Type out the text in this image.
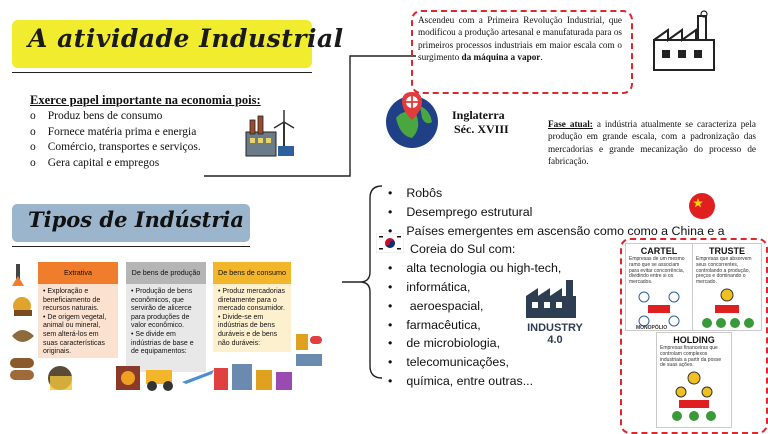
A atividade Industrial
Exerce papel importante na economia pois:
o Produz bens de consumo
o Fornece matéria prima e energia
o Comércio, transportes e serviços.
o Gera capital e empregos
Ascendeu com a Primeira Revolução Industrial, que modificou a produção artesanal e manufaturada para os primeiros processos industriais em maior escala com o surgimento da máquina a vapor.
Inglaterra
Séc. XVIII	Fase atual: a indústria atualmente se caracteriza pela produção em grande escala, com a padronização das mercadorias e grande mecanização do processo de fabricação.
• Robôs
• Desemprego estrutural
• Países emergentes em ascensão como como a China e a Coreia do Sul com:
• alta tecnologia ou high-tech,
• informática,
• aeroespacial,
• farmacêutica,
• de microbiologia,
• telecomunicações,
• química, entre outras...
INDUSTRY 4.0
Tipos de Indústria
Extrativa
• Exploração e beneficiamento de recursos naturais.
• De origem vegetal, animal ou mineral, sem alterá-los em suas características originais.
De bens de produção
• Produção de bens econômicos, que servirão de alicerce para produções de valor econômico.
• Se divide em indústrias de base e de equipamentos:
De bens de consumo
• Produz mercadorias diretamente para o mercado consumidor.
• Divide-se em indústrias de bens duráveis e de bens não duráveis:
CARTEL
Empresas de um mesmo ramo que se associam para evitar concorrência, dividindo entre si os mercados.
MONOPÓLIO
TRUSTE
Empresas que absorvem seus concorrentes, controlando a produção, preços e dominando o mercado.
HOLDING
Empresas financeiras que controlam complexos industriais a partir da posse de suas ações.
